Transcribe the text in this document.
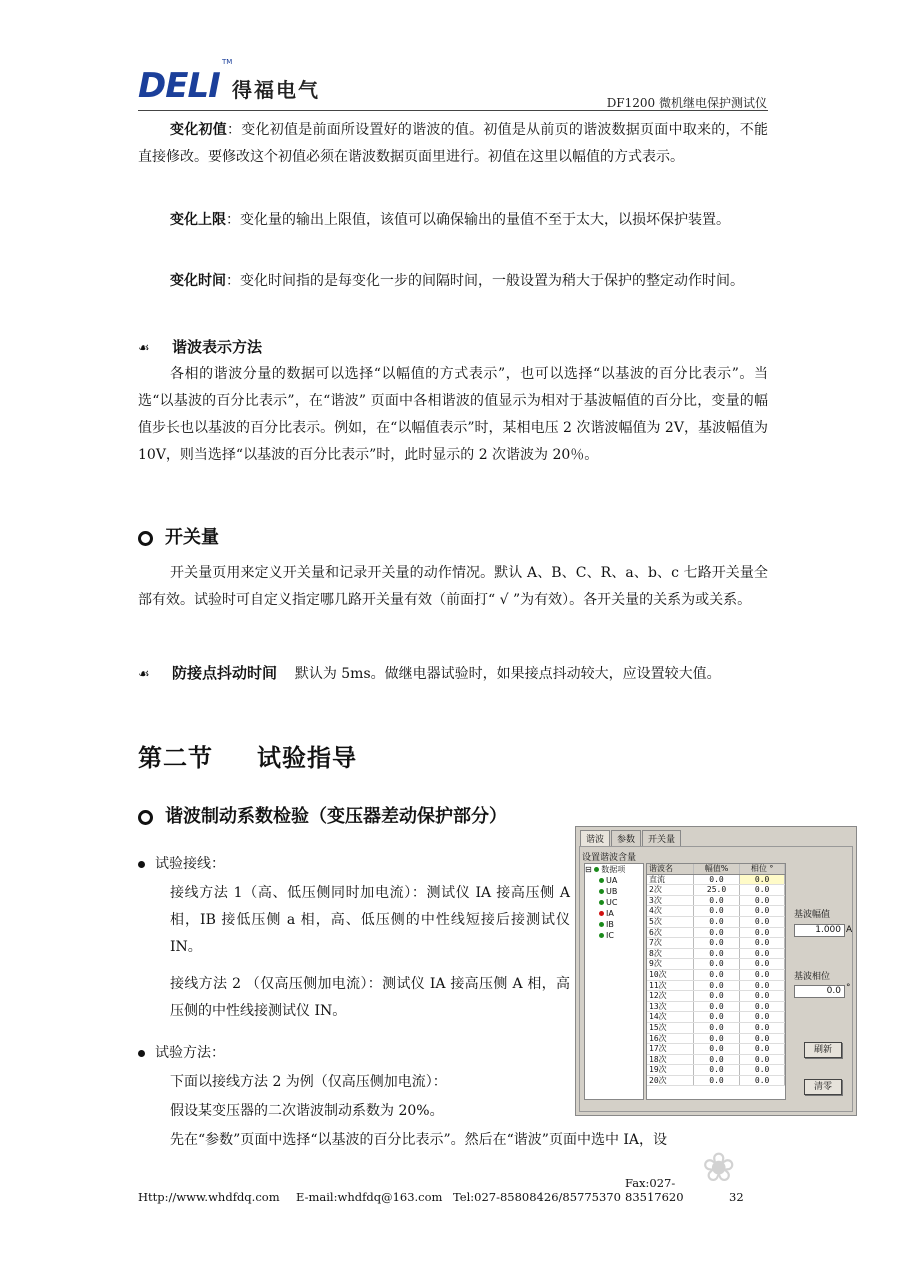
DELI
TM
得福电气
DF1200 微机继电保护测试仪
变化初值：变化初值是前面所设置好的谐波的值。初值是从前页的谐波数据页面中取来的，不能直接修改。要修改这个初值必须在谐波数据页面里进行。初值在这里以幅值的方式表示。
变化上限：变化量的输出上限值，该值可以确保输出的量值不至于太大，以损坏保护装置。
变化时间：变化时间指的是每变化一步的间隔时间，一般设置为稍大于保护的整定动作时间。
☙ 谐波表示方法
各相的谐波分量的数据可以选择“以幅值的方式表示”，也可以选择“以基波的百分比表示”。当选“以基波的百分比表示”，在“谐波” 页面中各相谐波的值显示为相对于基波幅值的百分比，变量的幅值步长也以基波的百分比表示。例如，在“以幅值表示”时，某相电压 2 次谐波幅值为 2V，基波幅值为 10V，则当选择“以基波的百分比表示”时，此时显示的 2 次谐波为 20％。
开关量
开关量页用来定义开关量和记录开关量的动作情况。默认 A、B、C、R、a、b、c 七路开关量全部有效。试验时可自定义指定哪几路开关量有效（前面打“ √ ”为有效）。各开关量的关系为或关系。
☙ 防接点抖动时间 默认为 5ms。做继电器试验时，如果接点抖动较大，应设置较大值。
第二节 试验指导
谐波制动系数检验（变压器差动保护部分）
试验接线：
接线方法 1（高、低压侧同时加电流）：测试仪 IA 接高压侧 A 相，IB 接低压侧 a 相，高、低压侧的中性线短接后接测试仪 IN。
接线方法 2 （仅高压侧加电流）：测试仪 IA 接高压侧 A 相，高压侧的中性线接测试仪 IN。
试验方法：
下面以接线方法 2 为例（仅高压侧加电流）：
假设某变压器的二次谐波制动系数为 20%。
先在“参数”页面中选择“以基波的百分比表示”。然后在“谐波”页面中选中 IA，设
谐波 参数 开关量
设置谐波含量
⊟ 数据项
UA
UB
UC
IA
IB
IC
谐波名	幅值%	相位 °
直流	0.0	0.0
2次	25.0	0.0
3次	0.0	0.0
4次	0.0	0.0
5次	0.0	0.0
6次	0.0	0.0
7次	0.0	0.0
8次	0.0	0.0
9次	0.0	0.0
10次	0.0	0.0
11次	0.0	0.0
12次	0.0	0.0
13次	0.0	0.0
14次	0.0	0.0
15次	0.0	0.0
16次	0.0	0.0
17次	0.0	0.0
18次	0.0	0.0
19次	0.0	0.0
20次	0.0	0.0
基波幅值
1.000 A
基波相位
0.0 °
刷新
清零
❀
Http://www.whdfdq.com E-mail:whdfdq@163.com Tel:027-85808426/85775370Fax:027-83517620	32
